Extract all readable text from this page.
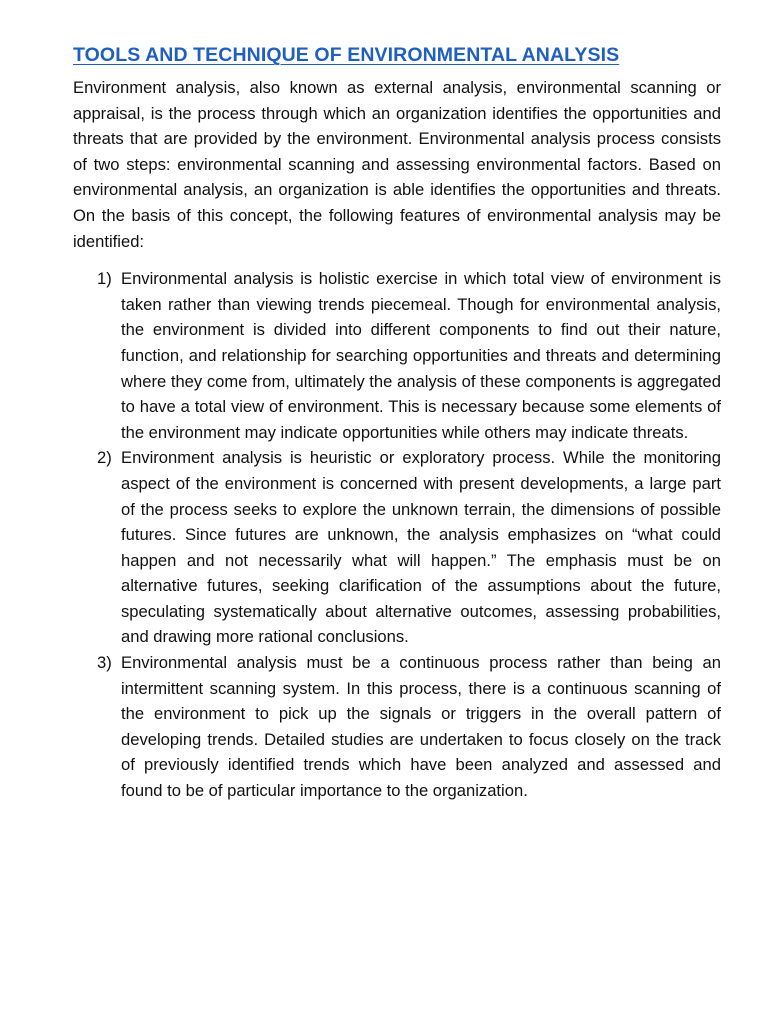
TOOLS AND TECHNIQUE OF ENVIRONMENTAL ANALYSIS

Environment analysis, also known as external analysis, environmental scanning or appraisal, is the process through which an organization identifies the opportunities and threats that are provided by the environment. Environmental analysis process consists of two steps: environmental scanning and assessing environmental factors. Based on environmental analysis, an organization is able identifies the opportunities and threats. On the basis of this concept, the following features of environmental analysis may be identified:

1) Environmental analysis is holistic exercise in which total view of environment is taken rather than viewing trends piecemeal. Though for environmental analysis, the environment is divided into different components to find out their nature, function, and relationship for searching opportunities and threats and determining where they come from, ultimately the analysis of these components is aggregated to have a total view of environment. This is necessary because some elements of the environment may indicate opportunities while others may indicate threats.
2) Environment analysis is heuristic or exploratory process. While the monitoring aspect of the environment is concerned with present developments, a large part of the process seeks to explore the unknown terrain, the dimensions of possible futures. Since futures are unknown, the analysis emphasizes on “what could happen and not necessarily what will happen.” The emphasis must be on alternative futures, seeking clarification of the assumptions about the future, speculating systematically about alternative outcomes, assessing probabilities, and drawing more rational conclusions.
3) Environmental analysis must be a continuous process rather than being an intermittent scanning system. In this process, there is a continuous scanning of the environment to pick up the signals or triggers in the overall pattern of developing trends. Detailed studies are undertaken to focus closely on the track of previously identified trends which have been analyzed and assessed and found to be of particular importance to the organization.
